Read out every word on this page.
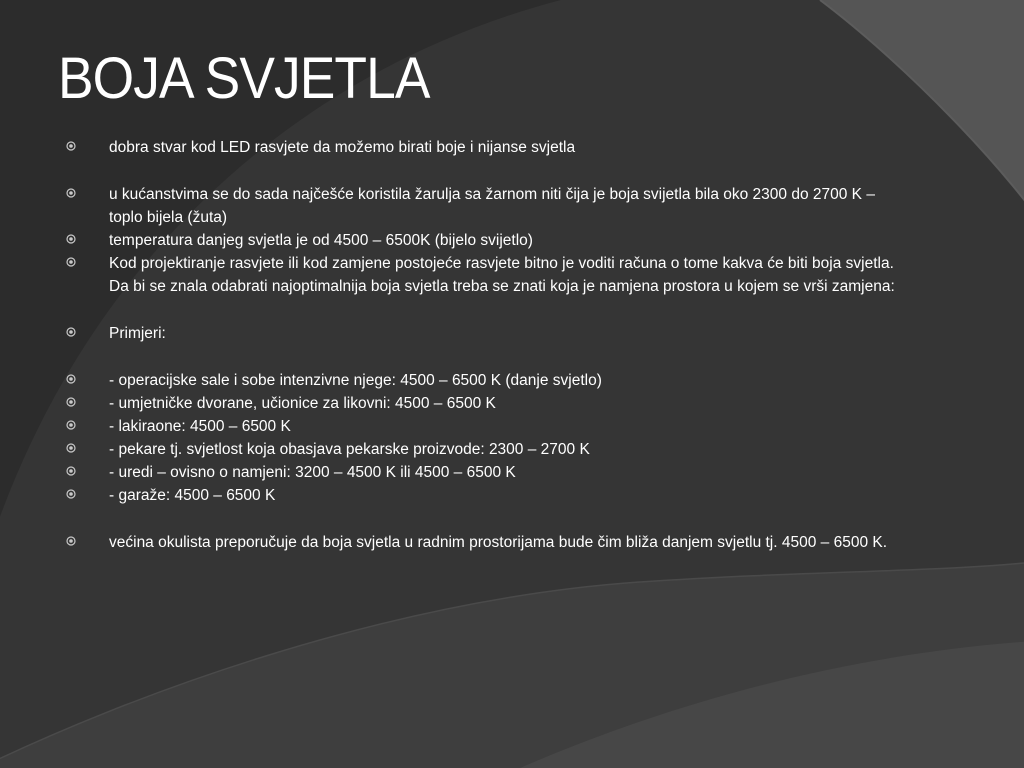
BOJA SVJETLA
dobra stvar kod LED rasvjete da možemo birati boje i nijanse svjetla
u kućanstvima se do sada najčešće koristila žarulja sa žarnom niti čija je boja svijetla bila oko 2300 do 2700 K – toplo bijela (žuta)
temperatura danjeg svjetla je od 4500 – 6500K (bijelo svijetlo)
Kod projektiranje rasvjete ili kod zamjene postojeće rasvjete bitno je voditi računa o tome kakva će biti boja svjetla. Da bi se znala odabrati najoptimalnija boja svjetla treba se znati koja je namjena prostora u kojem se vrši zamjena:
Primjeri:
- operacijske sale i sobe intenzivne njege: 4500 – 6500 K (danje svjetlo)
- umjetničke dvorane, učionice za likovni: 4500 – 6500 K
- lakiraone: 4500 – 6500 K
- pekare tj. svjetlost koja obasjava pekarske proizvode: 2300 – 2700 K
- uredi – ovisno o namjeni: 3200 – 4500 K ili 4500 – 6500 K
- garaže: 4500 – 6500 K
većina okulista preporučuje da boja svjetla u radnim prostorijama bude čim bliža danjem svjetlu tj. 4500 – 6500 K.
